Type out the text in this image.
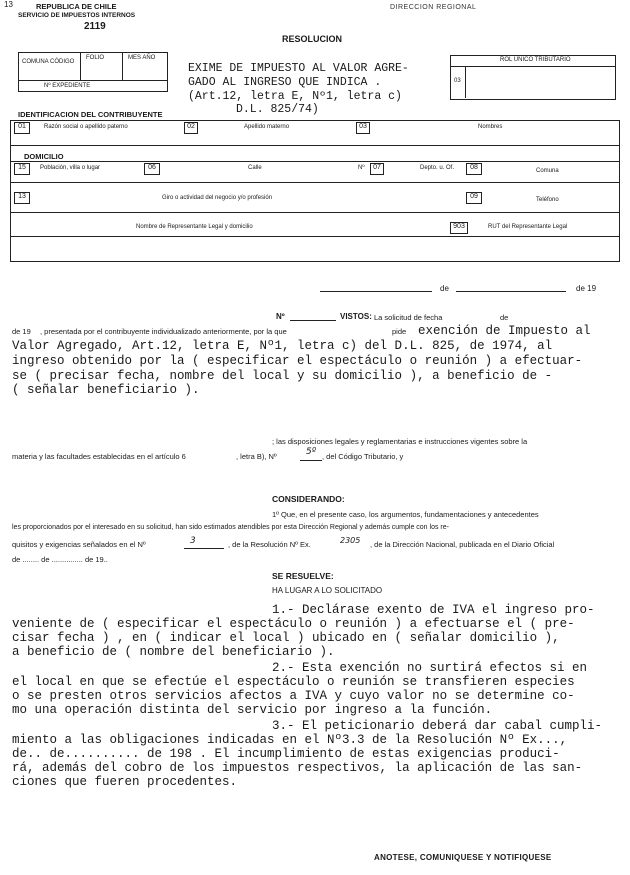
13	REPUBLICA DE CHILE
SERVICIO DE IMPUESTOS INTERNOS
2119
DIRECCION REGIONAL
RESOLUCION
COMUNA CÓDIGO
FOLIO	MES AÑO
Nº EXPEDIENTE
EXIME DE IMPUESTO AL VALOR AGRE-
GADO AL INGRESO QUE INDICA .
(Art.12, letra E, Nº1, letra c)
D.L. 825/74)
ROL UNICO TRIBUTARIO
03
IDENTIFICACION DEL CONTRIBUYENTE
01	Razón social o apellido paterno	02	Apellido materno	03	Nombres
DOMICILIO
15	Población, villa o lugar	06	Calle	Nº	07	Depto. u. Of.	08	Comuna
13	Giro o actividad del negocio y/o profesión	09	Teléfono
Nombre de Representante Legal y domicilio	903	RUT del Representante Legal
de	de 19
Nº	VISTOS: La solicitud de fecha	de
de 19 , presentada por el contribuyente individualizado anteriormente, por la que	pide exención de Impuesto al
Valor Agregado, Art.12, letra E, Nº1, letra c) del D.L. 825, de 1974, al
ingreso obtenido por la ( especificar el espectáculo o reunión ) a efectuar-
se ( precisar fecha, nombre del local y su domicilio ), a beneficio de -
( señalar beneficiario ).
; las disposiciones legales y reglamentarias e instrucciones vigentes sobre la
materia y las facultades establecidas en el artículo 6	, letra B), Nº	5º , del Código Tributario, y
CONSIDERANDO:
1º Que, en el presente caso, los argumentos, fundamentaciones y antecedentes
les proporcionados por el interesado en su solicitud, han sido estimados atendibles por esta Dirección Regional y además cumple con los re-
quisitos y exigencias señalados en el Nº	3	, de la Resolución Nº Ex.	2305 , de la Dirección Nacional, publicada en el Diario Oficial
de ........ de ............... de 19..
SE RESUELVE:
HA LUGAR A LO SOLICITADO
1.- Declárase exento de IVA el ingreso pro-
veniente de ( especificar el espectáculo o reunión ) a efectuarse el ( pre-
cisar fecha ) , en ( indicar el local ) ubicado en ( señalar domicilio ),
a beneficio de ( nombre del beneficiario ).
2.- Esta exención no surtirá efectos si en
el local en que se efectúe el espectáculo o reunión se transfieren especies
o se presten otros servicios afectos a IVA y cuyo valor no se determine co-
mo una operación distinta del servicio por ingreso a la función.
3.- El peticionario deberá dar cabal cumpli-
miento a las obligaciones indicadas en el Nº3.3 de la Resolución Nº Ex...,
de.. de.......... de 198 . El incumplimiento de estas exigencias produci-
rá, además del cobro de los impuestos respectivos, la aplicación de las san-
ciones que fueren procedentes.
ANOTESE, COMUNIQUESE Y NOTIFIQUESE
